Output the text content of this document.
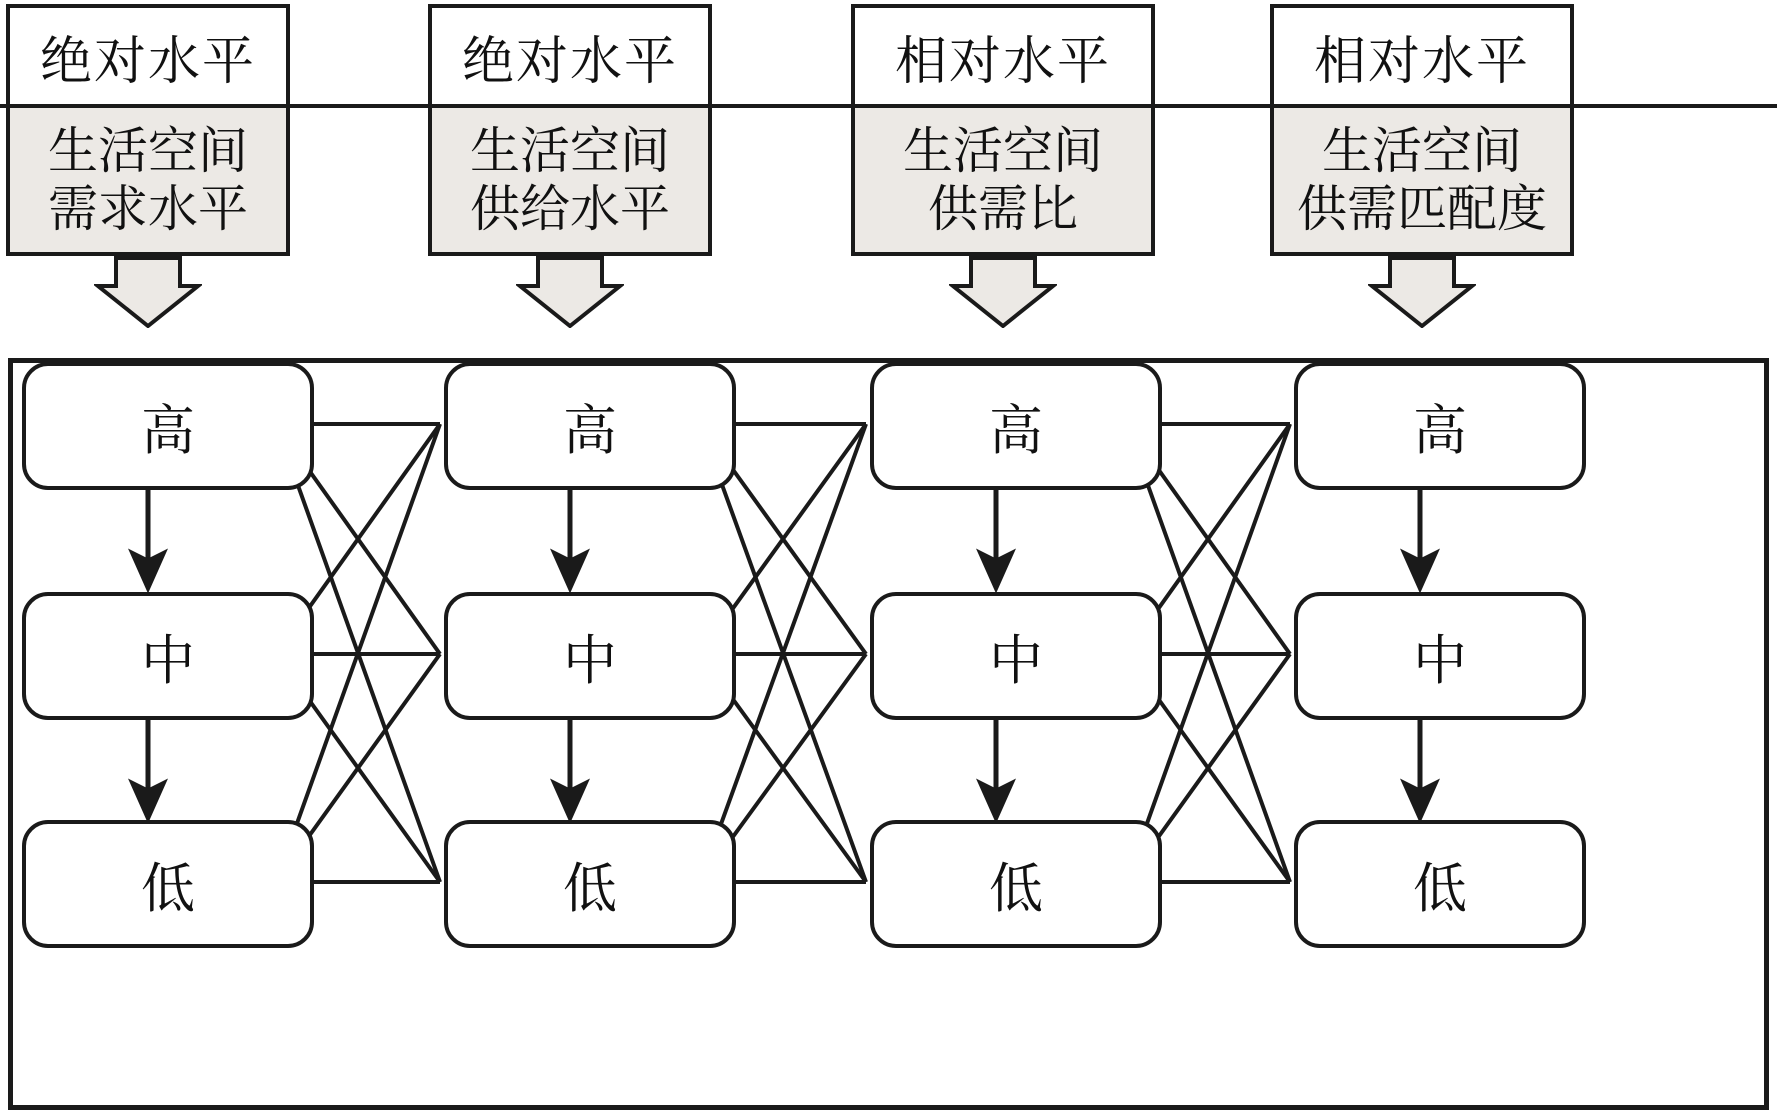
绝对水平
生活空间
需求水平
绝对水平
生活空间
供给水平
相对水平
生活空间
供需比
相对水平
生活空间
供需匹配度
高
中
低
高
中
低
高
中
低
高
中
低
